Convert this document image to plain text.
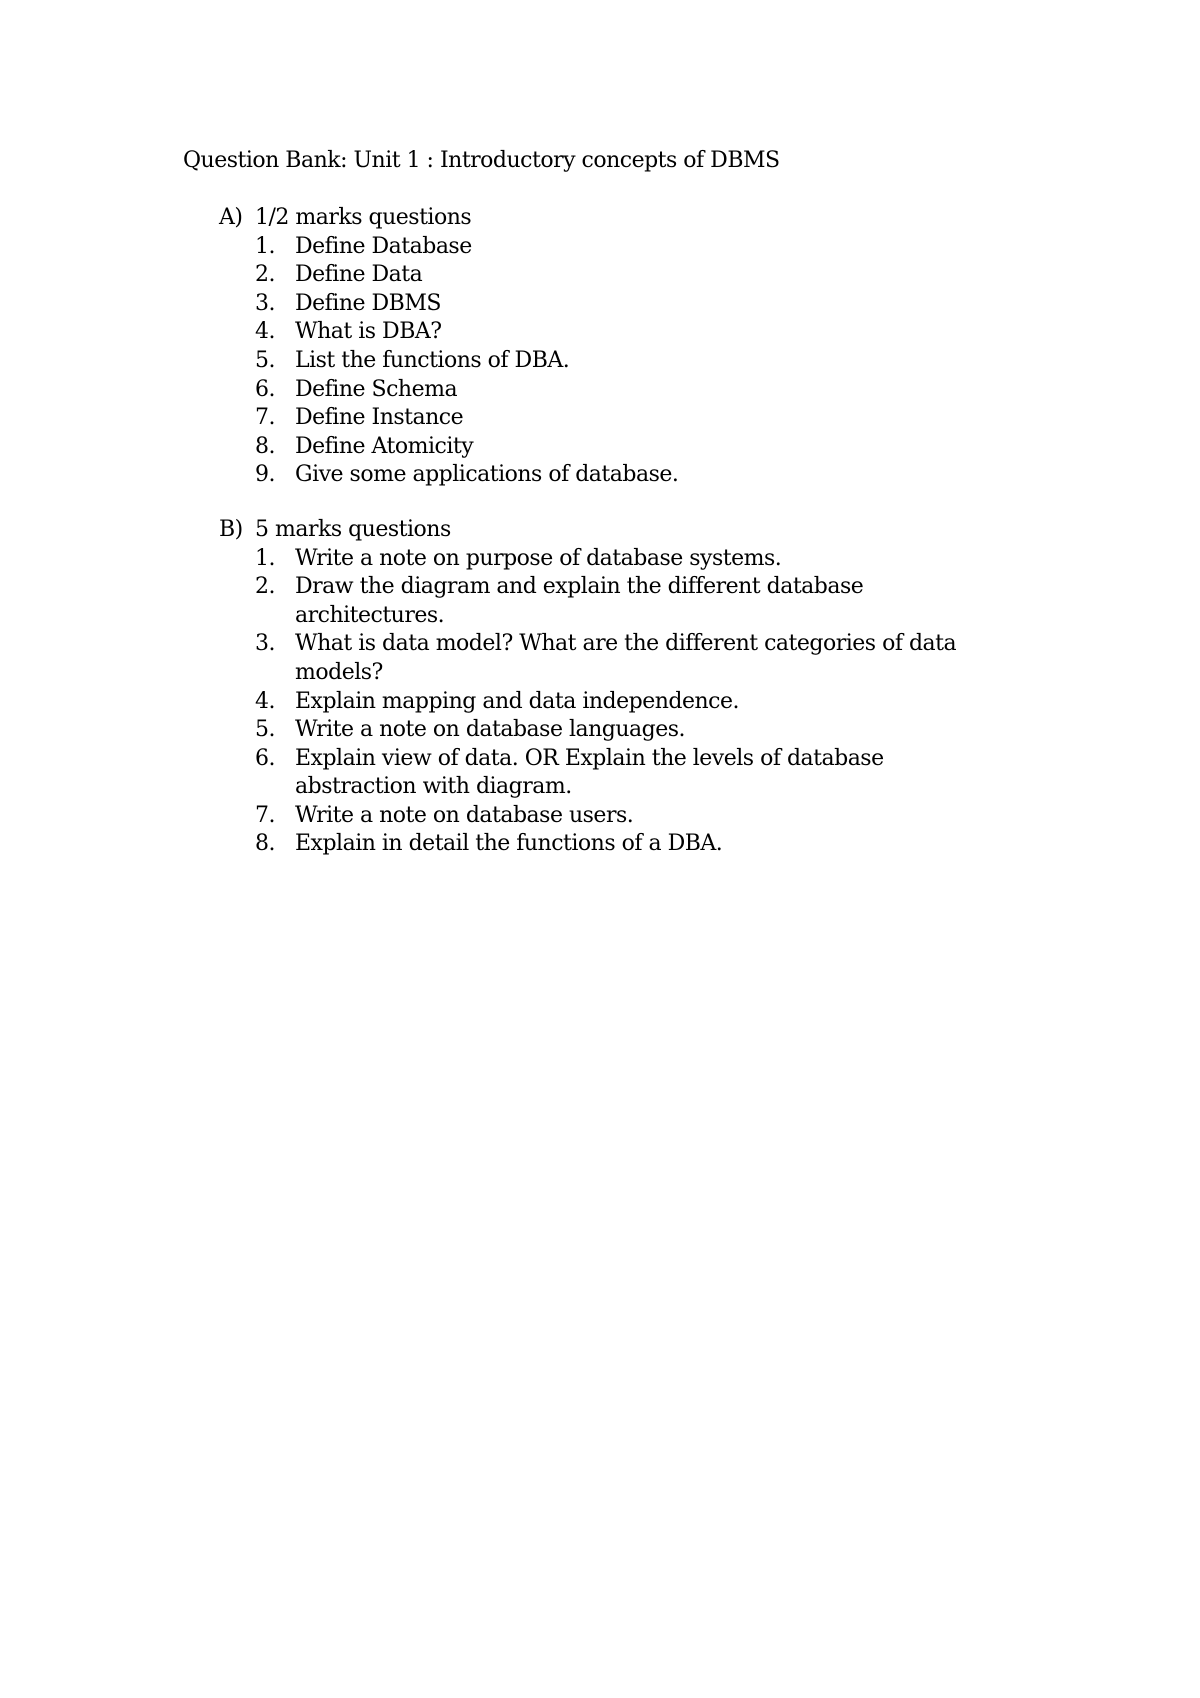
Question Bank: Unit 1 : Introductory concepts of DBMS
A) 1/2 marks questions
1. Define Database
2. Define Data
3. Define DBMS
4. What is DBA?
5. List the functions of DBA.
6. Define Schema
7. Define Instance
8. Define Atomicity
9. Give some applications of database.
B) 5 marks questions
1. Write a note on purpose of database systems.
2. Draw the diagram and explain the different database architectures.
3. What is data model? What are the different categories of data models?
4. Explain mapping and data independence.
5. Write a note on database languages.
6. Explain view of data. OR Explain the levels of database abstraction with diagram.
7. Write a note on database users.
8. Explain in detail the functions of a DBA.
